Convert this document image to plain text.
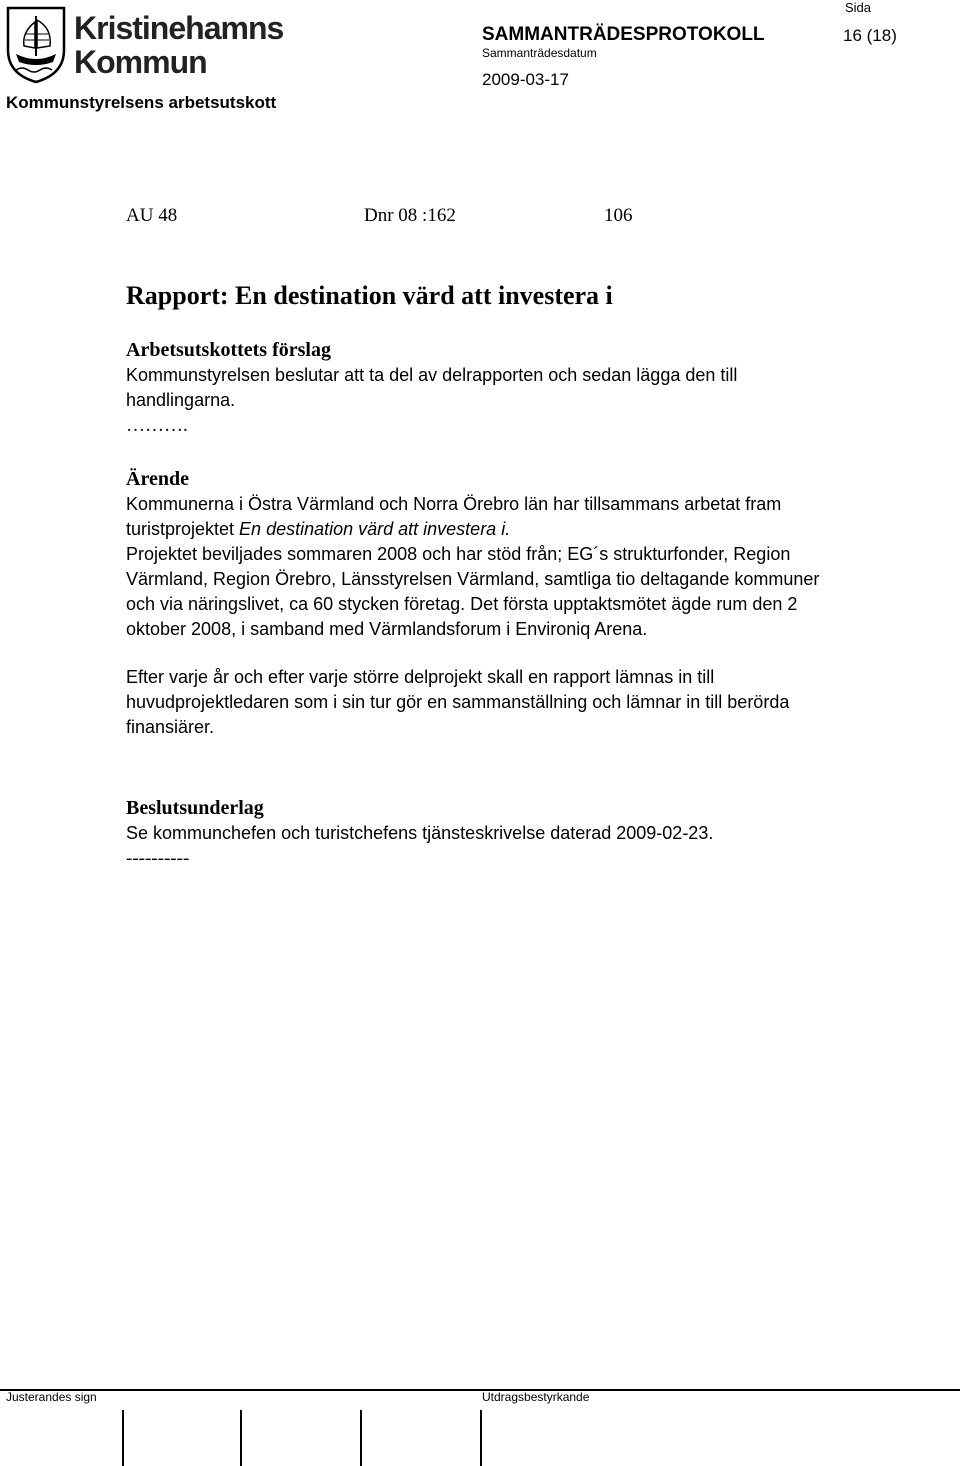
Kristinehamns
Kommun
Sida
SAMMANTRÄDESPROTOKOLL	16 (18)
Sammanträdesdatum
2009-03-17
Kommunstyrelsens arbetsutskott
AU 48	Dnr 08 :162	106
Rapport: En destination värd att investera i
Arbetsutskottets förslag

Kommunstyrelsen beslutar att ta del av delrapporten och sedan lägga den till handlingarna.

……….

Ärende

Kommunerna i Östra Värmland och Norra Örebro län har tillsammans arbetat fram turistprojektet En destination värd att investera i.

Projektet beviljades sommaren 2008 och har stöd från; EG´s strukturfonder, Region Värmland, Region Örebro, Länsstyrelsen Värmland, samtliga tio deltagande kommuner och via näringslivet, ca 60 stycken företag. Det första upptaktsmötet ägde rum den 2 oktober 2008, i samband med Värmlandsforum i Environiq Arena.

Efter varje år och efter varje större delprojekt skall en rapport lämnas in till huvudprojektledaren som i sin tur gör en sammanställning och lämnar in till berörda finansiärer.

Beslutsunderlag

Se kommunchefen och turistchefens tjänsteskrivelse daterad 2009-02-23.

----------

Justerandes sign	Utdragsbestyrkande
